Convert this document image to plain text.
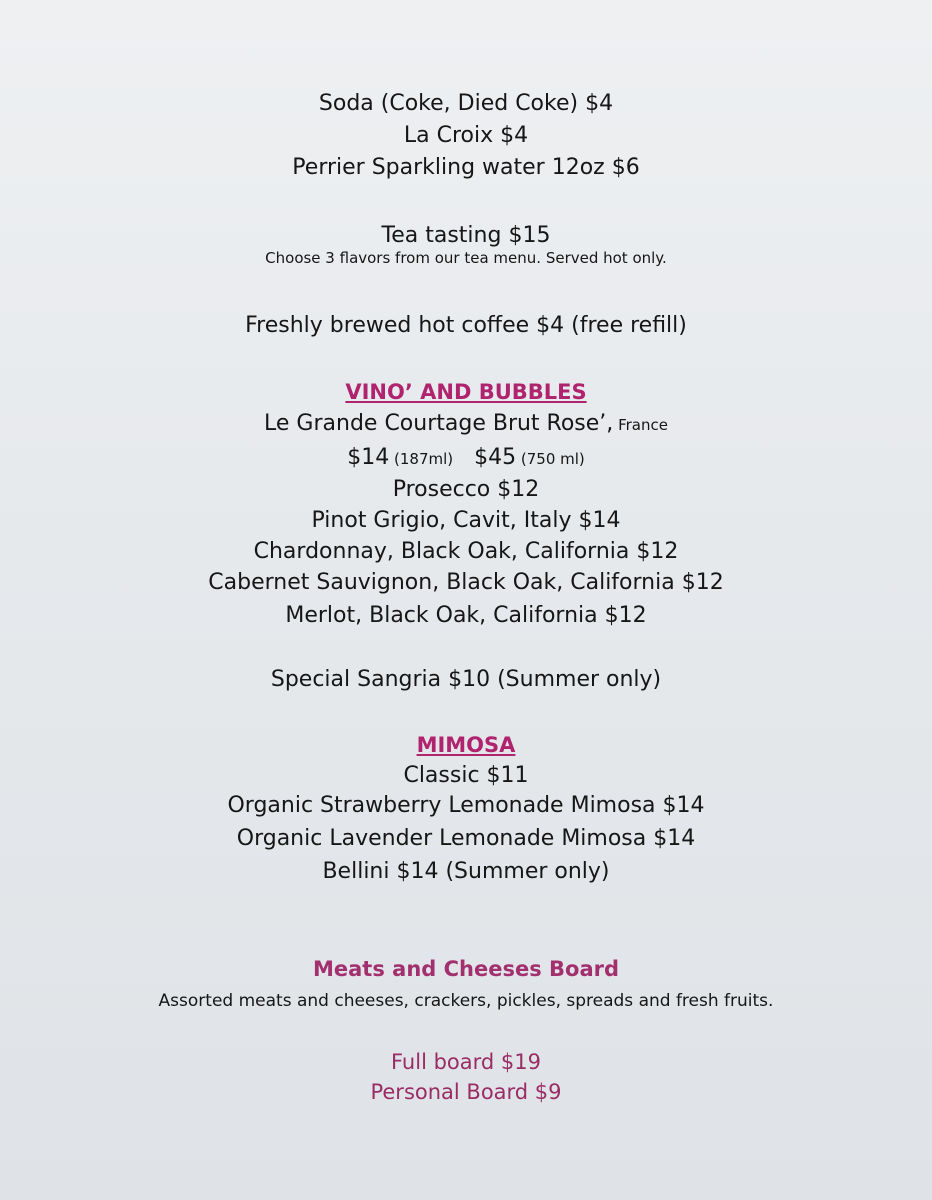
Soda (Coke, Died Coke) $4
La Croix $4
Perrier Sparkling water 12oz $6
Tea tasting $15
Choose 3 flavors from our tea menu. Served hot only.
Freshly brewed hot coffee $4 (free refill)
VINO’ AND BUBBLES
Le Grande Courtage Brut Rose’, France
$14 (187ml) $45 (750 ml)
Prosecco $12
Pinot Grigio, Cavit, Italy $14
Chardonnay, Black Oak, California $12
Cabernet Sauvignon, Black Oak, California $12
Merlot, Black Oak, California $12
Special Sangria $10 (Summer only)
MIMOSA
Classic $11
Organic Strawberry Lemonade Mimosa $14
Organic Lavender Lemonade Mimosa $14
Bellini $14 (Summer only)
Meats and Cheeses Board
Assorted meats and cheeses, crackers, pickles, spreads and fresh fruits.
Full board $19
Personal Board $9
